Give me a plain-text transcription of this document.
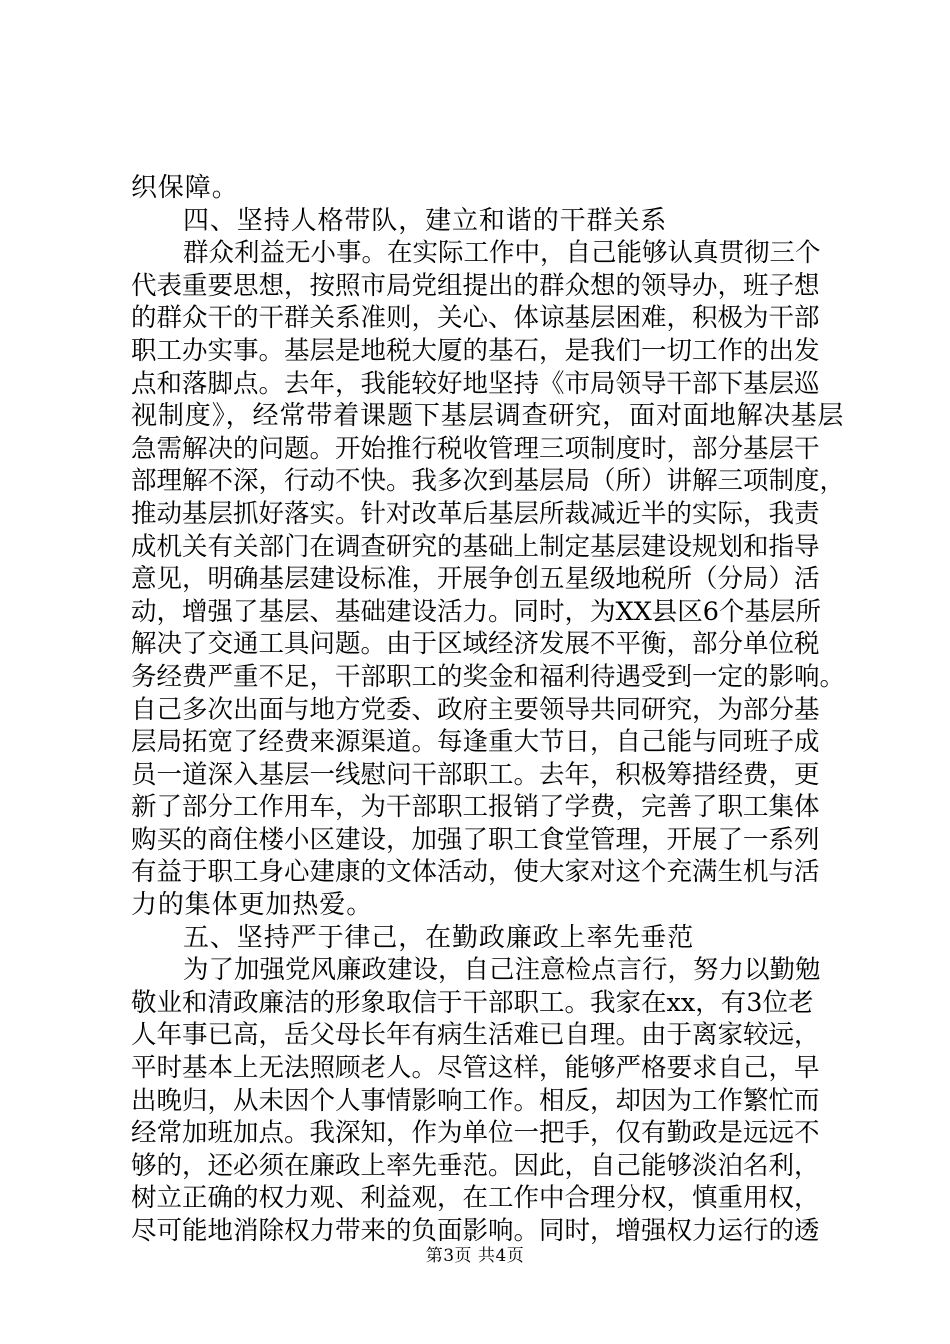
织保障。
四、坚持人格带队，建立和谐的干群关系
群众利益无小事。在实际工作中，自己能够认真贯彻三个
代表重要思想，按照市局党组提出的群众想的领导办，班子想
的群众干的干群关系准则，关心、体谅基层困难，积极为干部
职工办实事。基层是地税大厦的基石，是我们一切工作的出发
点和落脚点。去年，我能较好地坚持《市局领导干部下基层巡
视制度》，经常带着课题下基层调查研究，面对面地解决基层
急需解决的问题。开始推行税收管理三项制度时，部分基层干
部理解不深，行动不快。我多次到基层局（所）讲解三项制度，
推动基层抓好落实。针对改革后基层所裁减近半的实际，我责
成机关有关部门在调查研究的基础上制定基层建设规划和指导
意见，明确基层建设标准，开展争创五星级地税所（分局）活
动，增强了基层、基础建设活力。同时，为XX县区6个基层所
解决了交通工具问题。由于区域经济发展不平衡，部分单位税
务经费严重不足，干部职工的奖金和福利待遇受到一定的影响。
自己多次出面与地方党委、政府主要领导共同研究，为部分基
层局拓宽了经费来源渠道。每逢重大节日，自己能与同班子成
员一道深入基层一线慰问干部职工。去年，积极筹措经费，更
新了部分工作用车，为干部职工报销了学费，完善了职工集体
购买的商住楼小区建设，加强了职工食堂管理，开展了一系列
有益于职工身心建康的文体活动，使大家对这个充满生机与活
力的集体更加热爱。
五、坚持严于律己，在勤政廉政上率先垂范
为了加强党风廉政建设，自己注意检点言行，努力以勤勉
敬业和清政廉洁的形象取信于干部职工。我家在xx，有3位老
人年事已高，岳父母长年有病生活难已自理。由于离家较远，
平时基本上无法照顾老人。尽管这样，能够严格要求自己，早
出晚归，从未因个人事情影响工作。相反，却因为工作繁忙而
经常加班加点。我深知，作为单位一把手，仅有勤政是远远不
够的，还必须在廉政上率先垂范。因此，自己能够淡泊名利，
树立正确的权力观、利益观，在工作中合理分权，慎重用权，
尽可能地消除权力带来的负面影响。同时，增强权力运行的透
第3页 共4页
